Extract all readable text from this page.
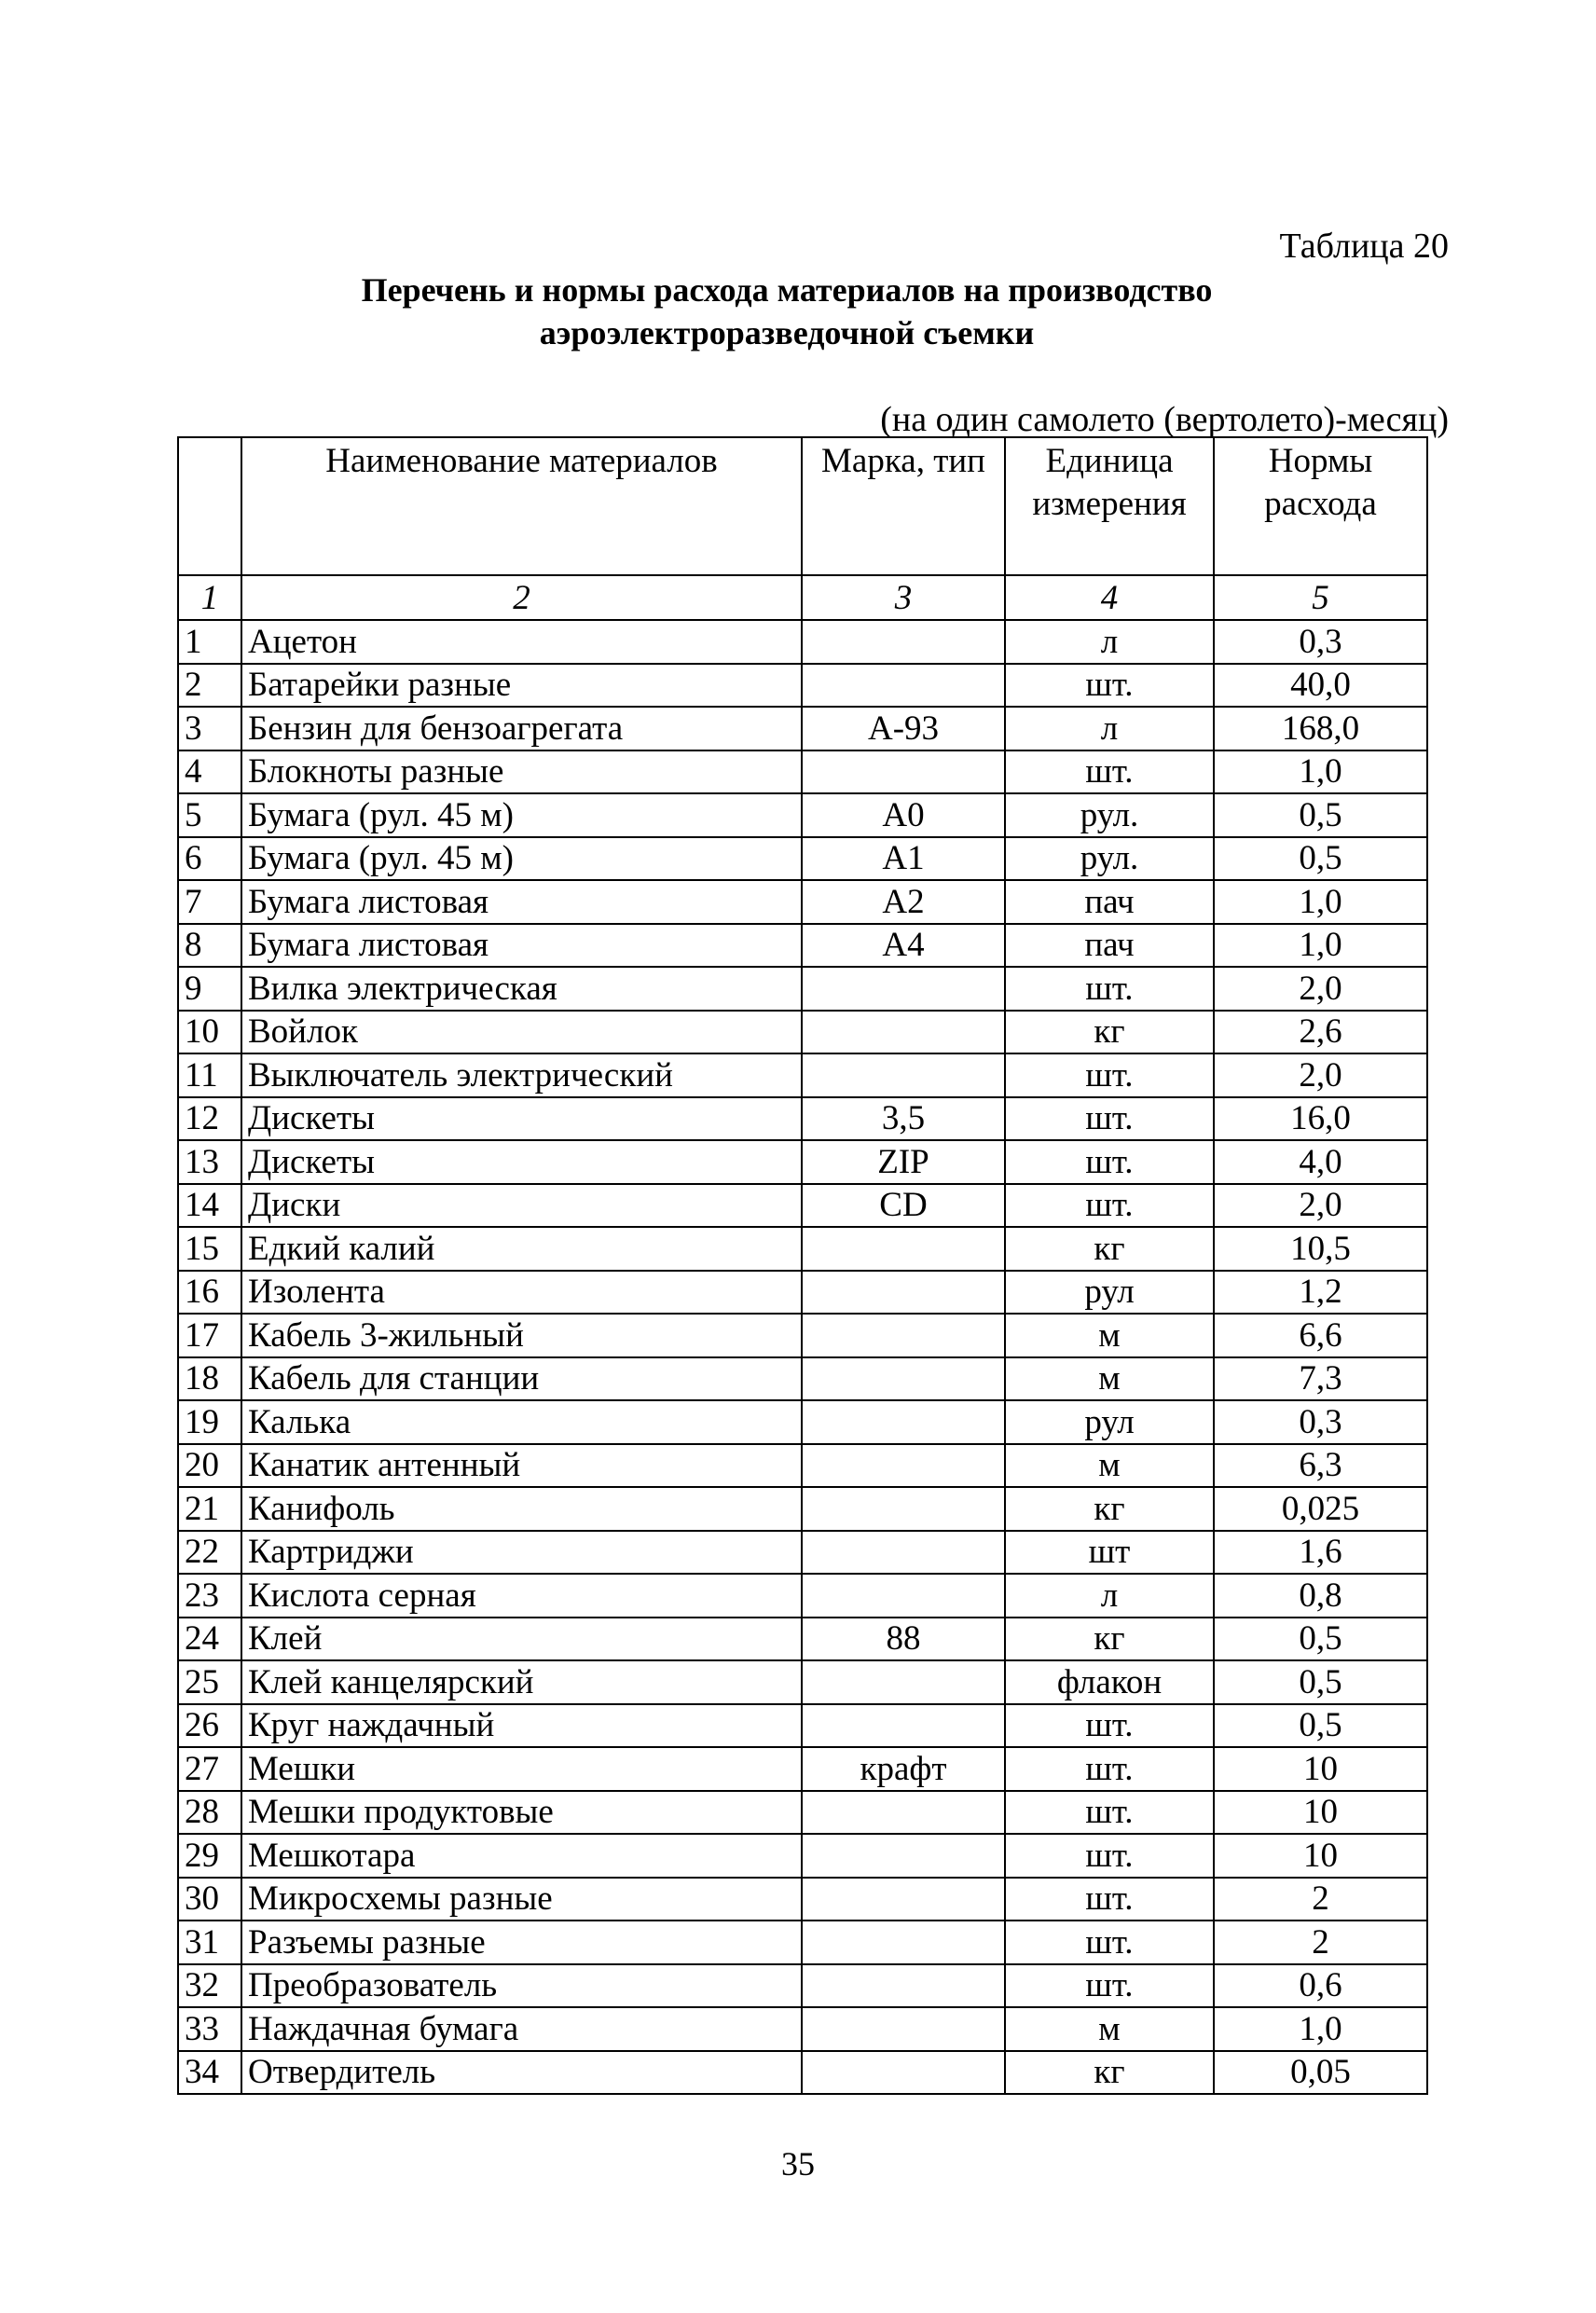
Таблица 20
Перечень и нормы расхода материалов на производство
аэроэлектроразведочной съемки
(на один самолето (вертолето)-месяц)
	Наименование материалов	Марка, тип	Единица измерения	Нормы расхода
1	2	3	4	5
1	Ацетон		л	0,3
2	Батарейки разные		шт.	40,0
3	Бензин для бензоагрегата	А-93	л	168,0
4	Блокноты разные		шт.	1,0
5	Бумага (рул. 45 м)	А0	рул.	0,5
6	Бумага (рул. 45 м)	А1	рул.	0,5
7	Бумага листовая	А2	пач	1,0
8	Бумага листовая	А4	пач	1,0
9	Вилка электрическая		шт.	2,0
10	Войлок		кг	2,6
11	Выключатель электрический		шт.	2,0
12	Дискеты	3,5	шт.	16,0
13	Дискеты	ZIP	шт.	4,0
14	Диски	CD	шт.	2,0
15	Едкий калий		кг	10,5
16	Изолента		рул	1,2
17	Кабель 3-жильный		м	6,6
18	Кабель для станции		м	7,3
19	Калька		рул	0,3
20	Канатик антенный		м	6,3
21	Канифоль		кг	0,025
22	Картриджи		шт	1,6
23	Кислота серная		л	0,8
24	Клей	88	кг	0,5
25	Клей канцелярский		флакон	0,5
26	Круг наждачный		шт.	0,5
27	Мешки	крафт	шт.	10
28	Мешки продуктовые		шт.	10
29	Мешкотара		шт.	10
30	Микросхемы разные		шт.	2
31	Разъемы разные		шт.	2
32	Преобразователь		шт.	0,6
33	Наждачная бумага		м	1,0
34	Отвердитель		кг	0,05
35
